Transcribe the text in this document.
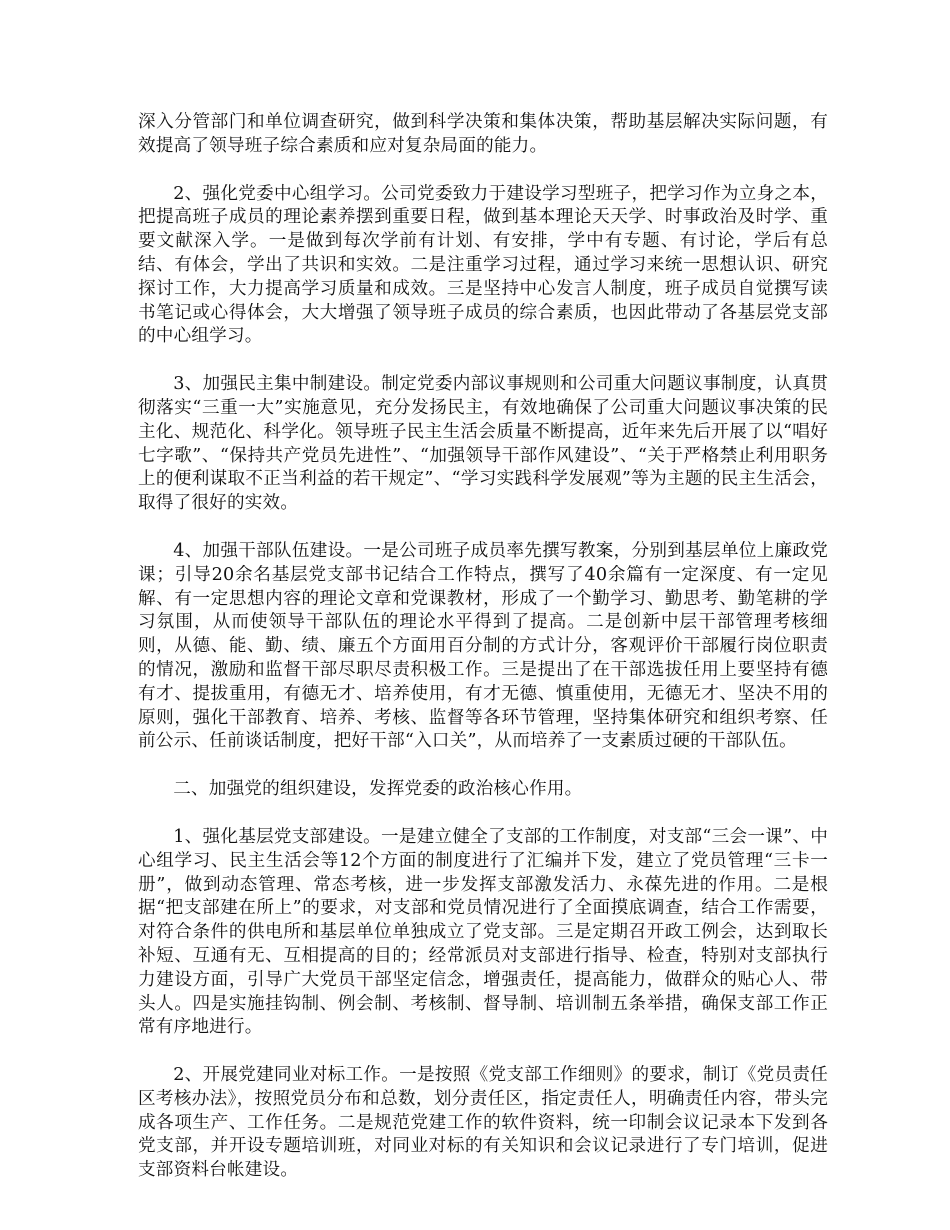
深入分管部门和单位调查研究，做到科学决策和集体决策，帮助基层解决实际问题，有效提高了领导班子综合素质和应对复杂局面的能力。

2、强化党委中心组学习。公司党委致力于建设学习型班子，把学习作为立身之本，把提高班子成员的理论素养摆到重要日程，做到基本理论天天学、时事政治及时学、重要文献深入学。一是做到每次学前有计划、有安排，学中有专题、有讨论，学后有总结、有体会，学出了共识和实效。二是注重学习过程，通过学习来统一思想认识、研究探讨工作，大力提高学习质量和成效。三是坚持中心发言人制度，班子成员自觉撰写读书笔记或心得体会，大大增强了领导班子成员的综合素质，也因此带动了各基层党支部的中心组学习。

3、加强民主集中制建设。制定党委内部议事规则和公司重大问题议事制度，认真贯彻落实“三重一大”实施意见，充分发扬民主，有效地确保了公司重大问题议事决策的民主化、规范化、科学化。领导班子民主生活会质量不断提高，近年来先后开展了以“唱好七字歌”、“保持共产党员先进性”、“加强领导干部作风建设”、“关于严格禁止利用职务上的便利谋取不正当利益的若干规定”、“学习实践科学发展观”等为主题的民主生活会，取得了很好的实效。

4、加强干部队伍建设。一是公司班子成员率先撰写教案，分别到基层单位上廉政党课；引导20余名基层党支部书记结合工作特点，撰写了40余篇有一定深度、有一定见解、有一定思想内容的理论文章和党课教材，形成了一个勤学习、勤思考、勤笔耕的学习氛围，从而使领导干部队伍的理论水平得到了提高。二是创新中层干部管理考核细则，从德、能、勤、绩、廉五个方面用百分制的方式计分，客观评价干部履行岗位职责的情况，激励和监督干部尽职尽责积极工作。三是提出了在干部选拔任用上要坚持有德有才、提拔重用，有德无才、培养使用，有才无德、慎重使用，无德无才、坚决不用的原则，强化干部教育、培养、考核、监督等各环节管理，坚持集体研究和组织考察、任前公示、任前谈话制度，把好干部“入口关”，从而培养了一支素质过硬的干部队伍。

二、加强党的组织建设，发挥党委的政治核心作用。

1、强化基层党支部建设。一是建立健全了支部的工作制度，对支部“三会一课”、中心组学习、民主生活会等12个方面的制度进行了汇编并下发，建立了党员管理“三卡一册”，做到动态管理、常态考核，进一步发挥支部激发活力、永葆先进的作用。二是根据“把支部建在所上”的要求，对支部和党员情况进行了全面摸底调查，结合工作需要，对符合条件的供电所和基层单位单独成立了党支部。三是定期召开政工例会，达到取长补短、互通有无、互相提高的目的；经常派员对支部进行指导、检查，特别对支部执行力建设方面，引导广大党员干部坚定信念，增强责任，提高能力，做群众的贴心人、带头人。四是实施挂钩制、例会制、考核制、督导制、培训制五条举措，确保支部工作正常有序地进行。

2、开展党建同业对标工作。一是按照《党支部工作细则》的要求，制订《党员责任区考核办法》，按照党员分布和总数，划分责任区，指定责任人，明确责任内容，带头完成各项生产、工作任务。二是规范党建工作的软件资料，统一印制会议记录本下发到各党支部，并开设专题培训班，对同业对标的有关知识和会议记录进行了专门培训，促进支部资料台帐建设。
